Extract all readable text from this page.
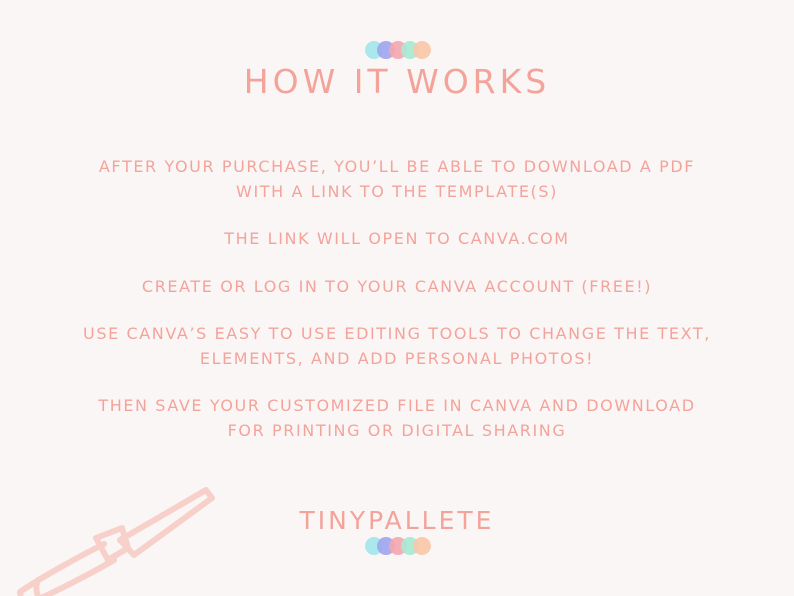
HOW IT WORKS

AFTER YOUR PURCHASE, YOU’LL BE ABLE TO DOWNLOAD A PDF
WITH A LINK TO THE TEMPLATE(S)

THE LINK WILL OPEN TO CANVA.COM

CREATE OR LOG IN TO YOUR CANVA ACCOUNT (FREE!)

USE CANVA’S EASY TO USE EDITING TOOLS TO CHANGE THE TEXT,
ELEMENTS, AND ADD PERSONAL PHOTOS!

THEN SAVE YOUR CUSTOMIZED FILE IN CANVA AND DOWNLOAD
FOR PRINTING OR DIGITAL SHARING

TINYPALLETE
